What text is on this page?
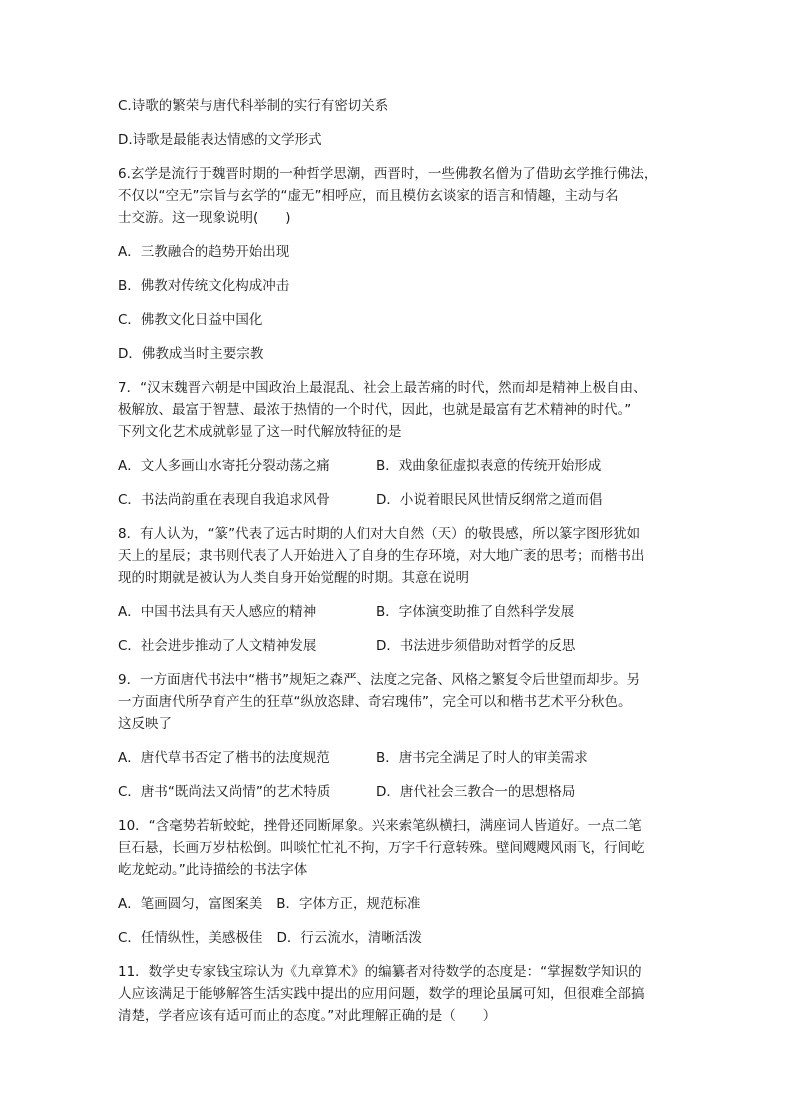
C.诗歌的繁荣与唐代科举制的实行有密切关系
D.诗歌是最能表达情感的文学形式
6.玄学是流行于魏晋时期的一种哲学思潮，西晋时，一些佛教名僧为了借助玄学推行佛法，
不仅以“空无”宗旨与玄学的“虚无”相呼应，而且模仿玄谈家的语言和情趣，主动与名
士交游。这一现象说明(　　)
A．三教融合的趋势开始出现
B．佛教对传统文化构成冲击
C．佛教文化日益中国化
D．佛教成当时主要宗教
7．“汉末魏晋六朝是中国政治上最混乱、社会上最苦痛的时代，然而却是精神上极自由、
极解放、最富于智慧、最浓于热情的一个时代，因此，也就是最富有艺术精神的时代。”
下列文化艺术成就彰显了这一时代解放特征的是
A．文人多画山水寄托分裂动荡之痛	B．戏曲象征虚拟表意的传统开始形成
C．书法尚韵重在表现自我追求风骨	D．小说着眼民风世情反纲常之道而倡
8．有人认为，“篆”代表了远古时期的人们对大自然（天）的敬畏感，所以篆字图形犹如
天上的星辰；隶书则代表了人开始进入了自身的生存环境，对大地广袤的思考；而楷书出
现的时期就是被认为人类自身开始觉醒的时期。其意在说明
A．中国书法具有天人感应的精神	B．字体演变助推了自然科学发展
C．社会进步推动了人文精神发展	D．书法进步须借助对哲学的反思
9．一方面唐代书法中“楷书”规矩之森严、法度之完备、风格之繁复令后世望而却步。另
一方面唐代所孕育产生的狂草“纵放恣肆、奇宕瑰伟”，完全可以和楷书艺术平分秋色。
这反映了
A．唐代草书否定了楷书的法度规范	B．唐书完全满足了时人的审美需求
C．唐书“既尚法又尚情”的艺术特质	D．唐代社会三教合一的思想格局
10．“含毫势若斩蛟蛇，挫骨还同断犀象。兴来索笔纵横扫，满座词人皆道好。一点二笔
巨石悬，长画万岁枯松倒。叫啖忙忙礼不拘，万字千行意转殊。壁间飕飕风雨飞，行间屹
屹龙蛇动。”此诗描绘的书法字体
A．笔画圆匀，富图案美 B．字体方正，规范标准
C．任情纵性，美感极佳 D．行云流水，清晰活泼
11．数学史专家钱宝琮认为《九章算术》的编纂者对待数学的态度是：“掌握数学知识的
人应该满足于能够解答生活实践中提出的应用问题，数学的理论虽属可知，但很难全部搞
清楚，学者应该有适可而止的态度。”对此理解正确的是（　　）
